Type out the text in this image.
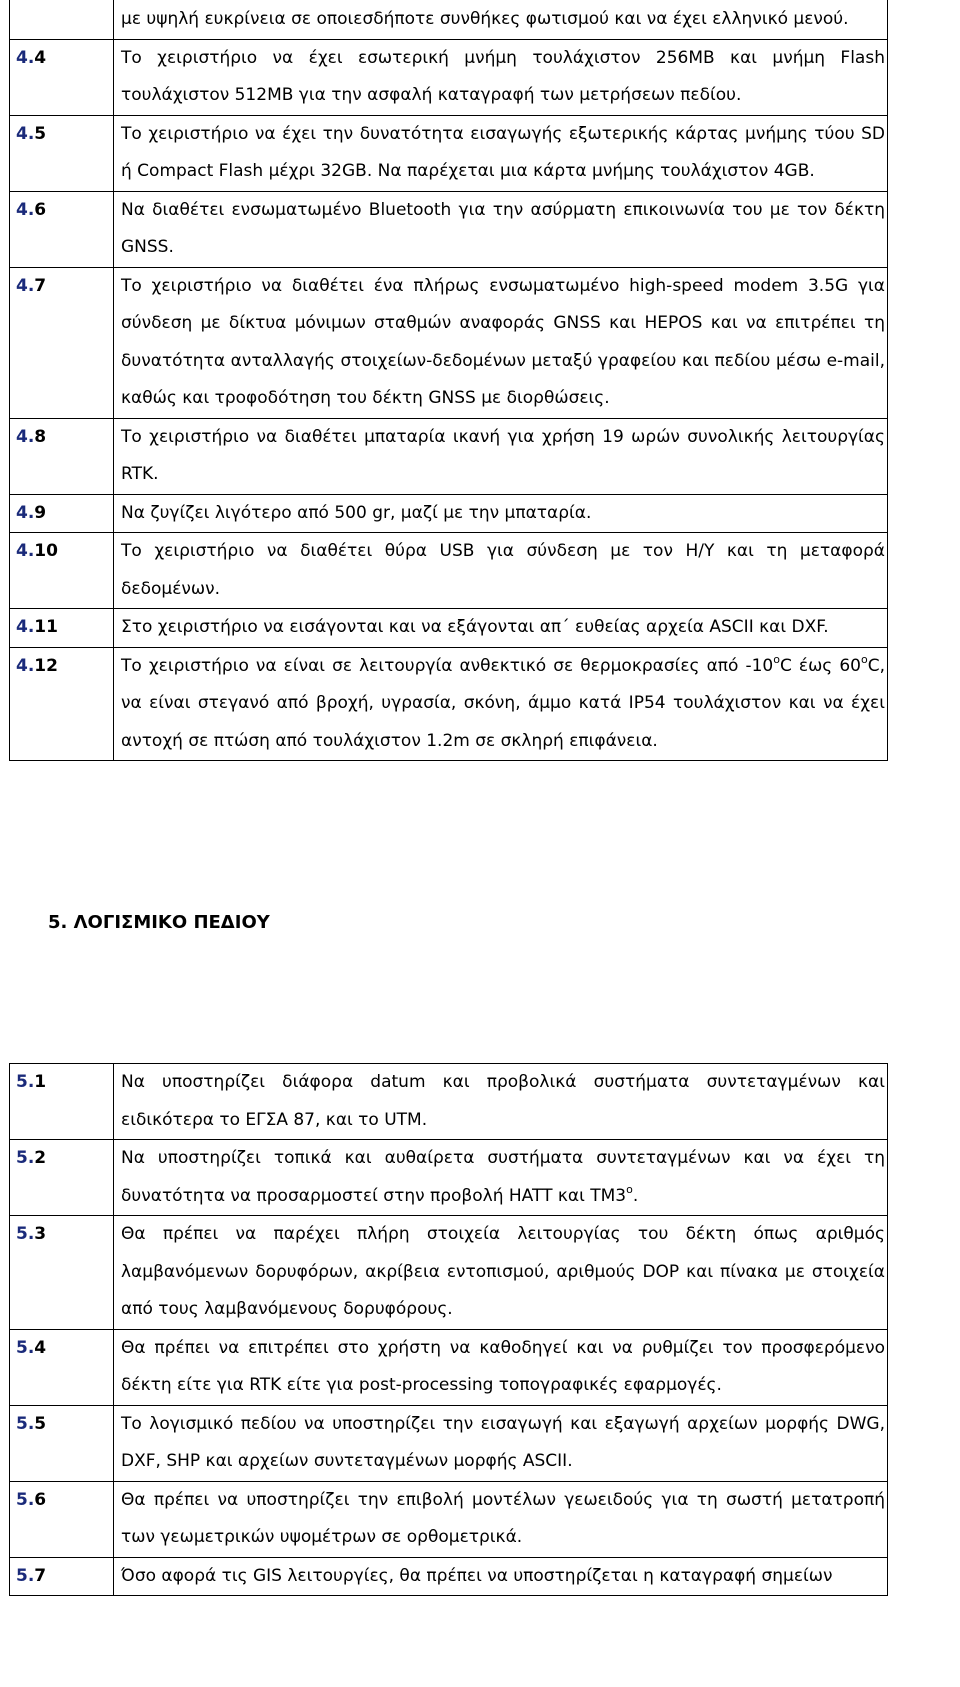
	με υψηλή ευκρίνεια σε οποιεσδήποτε συνθήκες φωτισμού και να έχει ελληνικό μενού.

4.4	Το χειριστήριο να έχει εσωτερική μνήμη τουλάχιστον 256MB και μνήμη Flash τουλάχιστον 512MB για την ασφαλή καταγραφή των μετρήσεων πεδίου.
4.5	Το χειριστήριο να έχει την δυνατότητα εισαγωγής εξωτερικής κάρτας μνήμης τύου SD ή Compact Flash μέχρι 32GB. Να παρέχεται μια κάρτα μνήμης τουλάχιστον 4GB.
4.6	Να διαθέτει ενσωματωμένο Bluetooth για την ασύρματη επικοινωνία του με τον δέκτη GNSS.
4.7	Το χειριστήριο να διαθέτει ένα πλήρως ενσωματωμένο high-speed modem 3.5G για σύνδεση με δίκτυα μόνιμων σταθμών αναφοράς GNSS και HEPOS και να επιτρέπει τη δυνατότητα ανταλλαγής στοιχείων-δεδομένων μεταξύ γραφείου και πεδίου μέσω e-mail, καθώς και τροφοδότηση του δέκτη GNSS με διορθώσεις.
4.8	Το χειριστήριο να διαθέτει μπαταρία ικανή για χρήση 19 ωρών συνολικής λειτουργίας RTK.
4.9	Να ζυγίζει λιγότερο από 500 gr, μαζί με την μπαταρία.
4.10	Το χειριστήριο να διαθέτει θύρα USB για σύνδεση με τον Η/Υ και τη μεταφορά δεδομένων.
4.11	Στο χειριστήριο να εισάγονται και να εξάγονται απ΄ ευθείας αρχεία ASCII και DXF.
4.12	Το χειριστήριο να είναι σε λειτουργία ανθεκτικό σε θερμοκρασίες από $-10^oC$ έως $60^oC$, να είναι στεγανό από βροχή, υγρασία, σκόνη, άμμο κατά IP54 τουλάχιστον και να έχει αντοχή σε πτώση από τουλάχιστον 1.2m σε σκληρή επιφάνεια.
5. ΛΟΓΙΣΜΙΚΟ ΠΕΔΙΟΥ
5.1	Να υποστηρίζει διάφορα datum και προβολικά συστήματα συντεταγμένων και ειδικότερα το ΕΓΣΑ 87, και το UTM.
5.2	Να υποστηρίζει τοπικά και αυθαίρετα συστήματα συντεταγμένων και να έχει τη δυνατότητα να προσαρμοστεί στην προβολή HATT και $TM3^o$.
5.3	Θα πρέπει να παρέχει πλήρη στοιχεία λειτουργίας του δέκτη όπως αριθμός λαμβανόμενων δορυφόρων, ακρίβεια εντοπισμού, αριθμούς DOP και πίνακα με στοιχεία από τους λαμβανόμενους δορυφόρους.
5.4	Θα πρέπει να επιτρέπει στο χρήστη να καθοδηγεί και να ρυθμίζει τον προσφερόμενο δέκτη είτε για RTK είτε για post-processing τοπογραφικές εφαρμογές.
5.5	Το λογισμικό πεδίου να υποστηρίζει την εισαγωγή και εξαγωγή αρχείων μορφής DWG, DXF, SHP και αρχείων συντεταγμένων μορφής ASCII.
5.6	Θα πρέπει να υποστηρίζει την επιβολή μοντέλων γεωειδούς για τη σωστή μετατροπή των γεωμετρικών υψομέτρων σε ορθομετρικά.
5.7	Όσο αφορά τις GIS λειτουργίες, θα πρέπει να υποστηρίζεται η καταγραφή σημείων
